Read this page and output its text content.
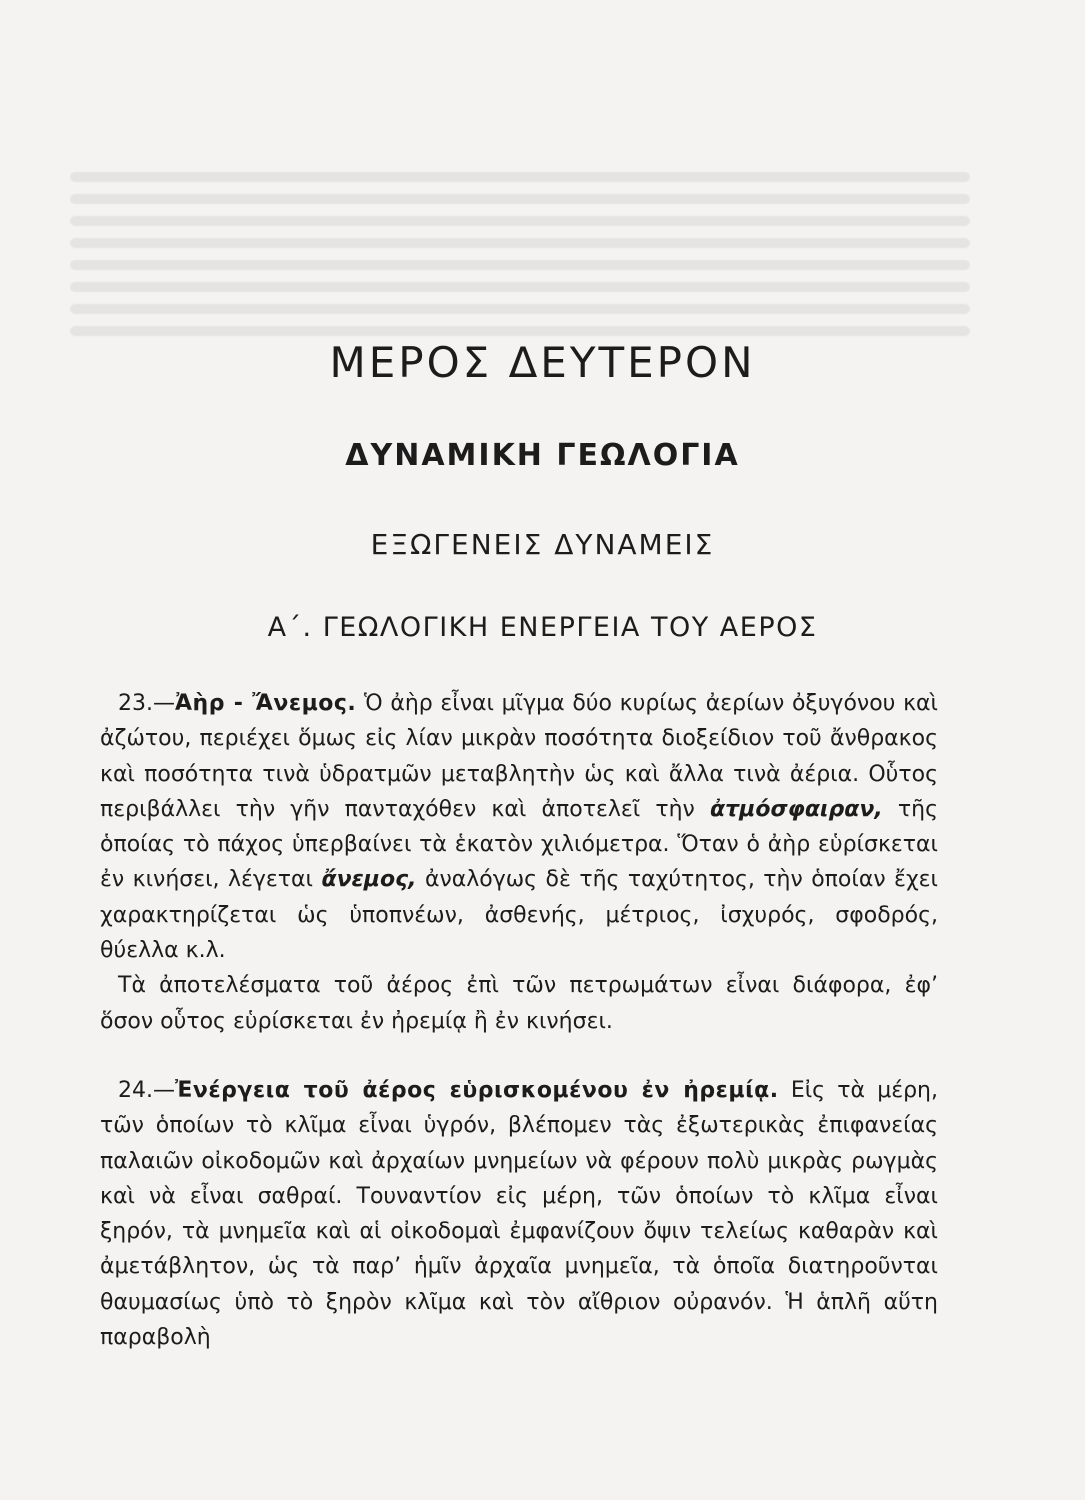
ΜΕΡΟΣ ΔΕΥΤΕΡΟΝ
ΔΥΝΑΜΙΚΗ ΓΕΩΛΟΓΙΑ
ΕΞΩΓΕΝΕΙΣ ΔΥΝΑΜΕΙΣ
Α΄. ΓΕΩΛΟΓΙΚΗ ΕΝΕΡΓΕΙΑ ΤΟΥ ΑΕΡΟΣ
23.—Ἀὴρ - Ἄνεμος. Ὁ ἀὴρ εἶναι μῖγμα δύο κυρίως ἀερίων ὀξυγόνου καὶ ἀζώτου, περιέχει ὅμως εἰς λίαν μικρὰν ποσότητα διοξείδιον τοῦ ἄνθρακος καὶ ποσότητα τινὰ ὑδρατμῶν μεταβλητὴν ὡς καὶ ἄλλα τινὰ ἀέρια. Οὗτος περιβάλλει τὴν γῆν πανταχόθεν καὶ ἀποτελεῖ τὴν ἀτμόσφαιραν, τῆς ὁποίας τὸ πάχος ὑπερβαίνει τὰ ἑκατὸν χιλιόμετρα. Ὅταν ὁ ἀὴρ εὑρίσκεται ἐν κινήσει, λέγεται ἄνεμος, ἀναλόγως δὲ τῆς ταχύτητος, τὴν ὁποίαν ἔχει χαρακτηρίζεται ὡς ὑποπνέων, ἀσθενής, μέτριος, ἰσχυρός, σφοδρός, θύελλα κ.λ.
Τὰ ἀποτελέσματα τοῦ ἀέρος ἐπὶ τῶν πετρωμάτων εἶναι διάφορα, ἐφ’ ὅσον οὗτος εὑρίσκεται ἐν ἠρεμίᾳ ἢ ἐν κινήσει.
24.—Ἐνέργεια τοῦ ἀέρος εὑρισκομένου ἐν ἠρεμίᾳ. Εἰς τὰ μέρη, τῶν ὁποίων τὸ κλῖμα εἶναι ὑγρόν, βλέπομεν τὰς ἐξωτερικὰς ἐπιφανείας παλαιῶν οἰκοδομῶν καὶ ἀρχαίων μνημείων νὰ φέρουν πολὺ μικρὰς ρωγμὰς καὶ νὰ εἶναι σαθραί. Τουναντίον εἰς μέρη, τῶν ὁποίων τὸ κλῖμα εἶναι ξηρόν, τὰ μνημεῖα καὶ αἱ οἰκοδομαὶ ἐμφανίζουν ὄψιν τελείως καθαρὰν καὶ ἀμετάβλητον, ὡς τὰ παρ’ ἡμῖν ἀρχαῖα μνημεῖα, τὰ ὁποῖα διατηροῦνται θαυμασίως ὑπὸ τὸ ξηρὸν κλῖμα καὶ τὸν αἴθριον οὐρανόν. Ἡ ἁπλῆ αὕτη παραβολὴ
